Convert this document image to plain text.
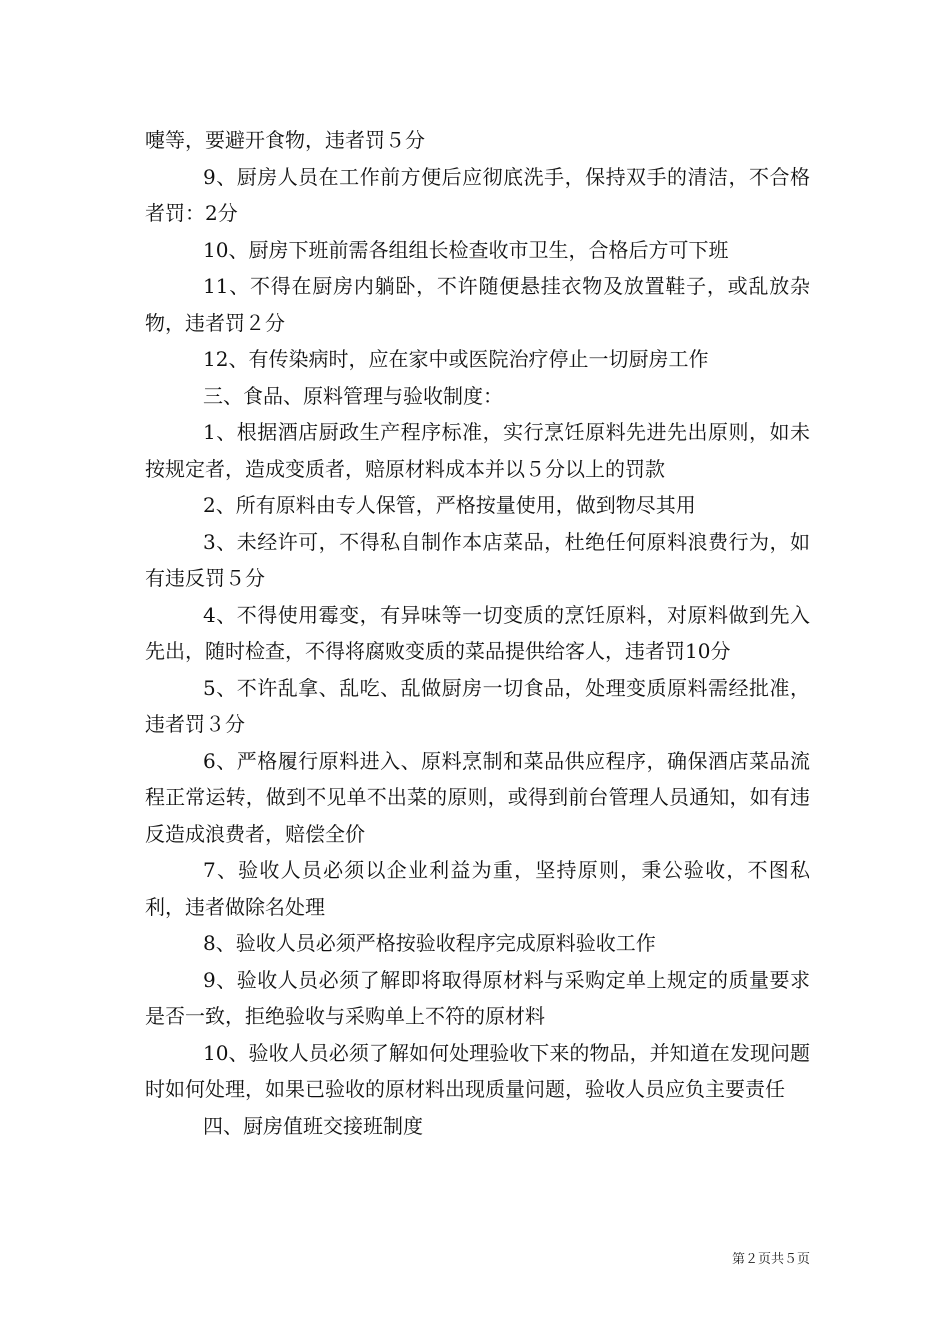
嚏等，要避开食物，违者罚５分

9、厨房人员在工作前方便后应彻底洗手，保持双手的清洁，不合格者罚：2分

10、厨房下班前需各组组长检查收市卫生，合格后方可下班

11、不得在厨房内躺卧，不许随便悬挂衣物及放置鞋子，或乱放杂物，违者罚２分

12、有传染病时，应在家中或医院治疗停止一切厨房工作

三、食品、原料管理与验收制度：

1、根据酒店厨政生产程序标准，实行烹饪原料先进先出原则，如未按规定者，造成变质者，赔原材料成本并以５分以上的罚款

2、所有原料由专人保管，严格按量使用，做到物尽其用

3、未经许可，不得私自制作本店菜品，杜绝任何原料浪费行为，如有违反罚５分

4、不得使用霉变，有异味等一切变质的烹饪原料，对原料做到先入先出，随时检查，不得将腐败变质的菜品提供给客人，违者罚10分

5、不许乱拿、乱吃、乱做厨房一切食品，处理变质原料需经批准，违者罚３分

6、严格履行原料进入、原料烹制和菜品供应程序，确保酒店菜品流程正常运转，做到不见单不出菜的原则，或得到前台管理人员通知，如有违反造成浪费者，赔偿全价

7、验收人员必须以企业利益为重，坚持原则，秉公验收，不图私利，违者做除名处理

8、验收人员必须严格按验收程序完成原料验收工作

9、验收人员必须了解即将取得原材料与采购定单上规定的质量要求是否一致，拒绝验收与采购单上不符的原材料

10、验收人员必须了解如何处理验收下来的物品，并知道在发现问题时如何处理，如果已验收的原材料出现质量问题，验收人员应负主要责任

四、厨房值班交接班制度

第２页共５页
